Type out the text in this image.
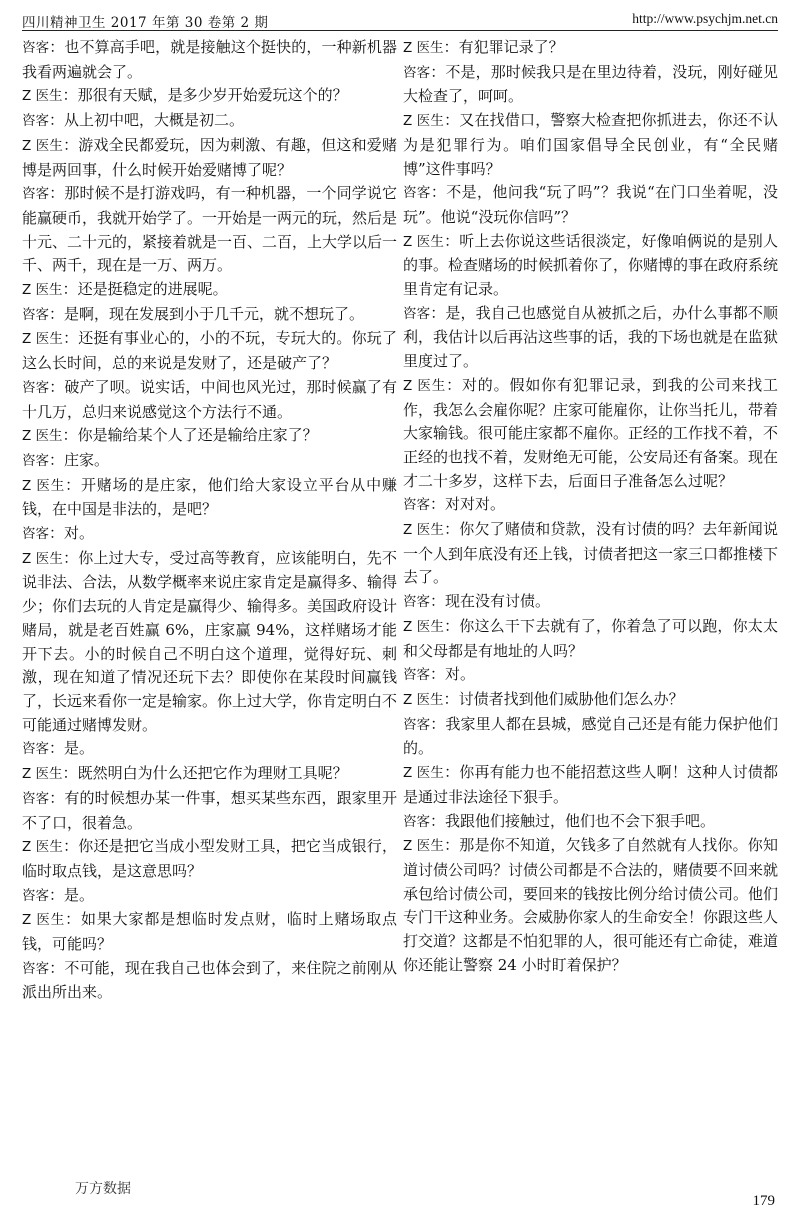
四川精神卫生 2017 年第 30 卷第 2 期	http://www.psychjm.net.cn

咨客：也不算高手吧，就是接触这个挺快的，一种新机器我看两遍就会了。

Z 医生：那很有天赋，是多少岁开始爱玩这个的？

咨客：从上初中吧，大概是初二。

Z 医生：游戏全民都爱玩，因为刺激、有趣，但这和爱赌博是两回事，什么时候开始爱赌博了呢？

咨客：那时候不是打游戏吗，有一种机器，一个同学说它能赢硬币，我就开始学了。一开始是一两元的玩，然后是十元、二十元的，紧接着就是一百、二百，上大学以后一千、两千，现在是一万、两万。

Z 医生：还是挺稳定的进展呢。

咨客：是啊，现在发展到小于几千元，就不想玩了。

Z 医生：还挺有事业心的，小的不玩，专玩大的。你玩了这么长时间，总的来说是发财了，还是破产了？

咨客：破产了呗。说实话，中间也风光过，那时候赢了有十几万，总归来说感觉这个方法行不通。

Z 医生：你是输给某个人了还是输给庄家了？

咨客：庄家。

Z 医生：开赌场的是庄家，他们给大家设立平台从中赚钱，在中国是非法的，是吧？

咨客：对。

Z 医生：你上过大专，受过高等教育，应该能明白，先不说非法、合法，从数学概率来说庄家肯定是赢得多、输得少；你们去玩的人肯定是赢得少、输得多。美国政府设计赌局，就是老百姓赢 6%，庄家赢 94%，这样赌场才能开下去。小的时候自己不明白这个道理，觉得好玩、刺激，现在知道了情况还玩下去？即使你在某段时间赢钱了，长远来看你一定是输家。你上过大学，你肯定明白不可能通过赌博发财。

咨客：是。

Z 医生：既然明白为什么还把它作为理财工具呢？

咨客：有的时候想办某一件事，想买某些东西，跟家里开不了口，很着急。

Z 医生：你还是把它当成小型发财工具，把它当成银行，临时取点钱，是这意思吗？

咨客：是。

Z 医生：如果大家都是想临时发点财，临时上赌场取点钱，可能吗？

咨客：不可能，现在我自己也体会到了，来住院之前刚从派出所出来。

Z 医生：有犯罪记录了？

咨客：不是，那时候我只是在里边待着，没玩，刚好碰见大检查了，呵呵。

Z 医生：又在找借口，警察大检查把你抓进去，你还不认为是犯罪行为。咱们国家倡导全民创业，有“全民赌博”这件事吗？

咨客：不是，他问我“玩了吗”？我说“在门口坐着呢，没玩”。他说“没玩你信吗”？

Z 医生：听上去你说这些话很淡定，好像咱俩说的是别人的事。检查赌场的时候抓着你了，你赌博的事在政府系统里肯定有记录。

咨客：是，我自己也感觉自从被抓之后，办什么事都不顺利，我估计以后再沾这些事的话，我的下场也就是在监狱里度过了。

Z 医生：对的。假如你有犯罪记录，到我的公司来找工作，我怎么会雇你呢？庄家可能雇你，让你当托儿，带着大家输钱。很可能庄家都不雇你。正经的工作找不着，不正经的也找不着，发财绝无可能，公安局还有备案。现在才二十多岁，这样下去，后面日子准备怎么过呢？

咨客：对对对。

Z 医生：你欠了赌债和贷款，没有讨债的吗？去年新闻说一个人到年底没有还上钱，讨债者把这一家三口都推楼下去了。

咨客：现在没有讨债。

Z 医生：你这么干下去就有了，你着急了可以跑，你太太和父母都是有地址的人吗？

咨客：对。

Z 医生：讨债者找到他们威胁他们怎么办？

咨客：我家里人都在县城，感觉自己还是有能力保护他们的。

Z 医生：你再有能力也不能招惹这些人啊！这种人讨债都是通过非法途径下狠手。

咨客：我跟他们接触过，他们也不会下狠手吧。

Z 医生：那是你不知道，欠钱多了自然就有人找你。你知道讨债公司吗？讨债公司都是不合法的，赌债要不回来就承包给讨债公司，要回来的钱按比例分给讨债公司。他们专门干这种业务。会威胁你家人的生命安全！你跟这些人打交道？这都是不怕犯罪的人，很可能还有亡命徒，难道你还能让警察 24 小时盯着保护？

万方数据
179
